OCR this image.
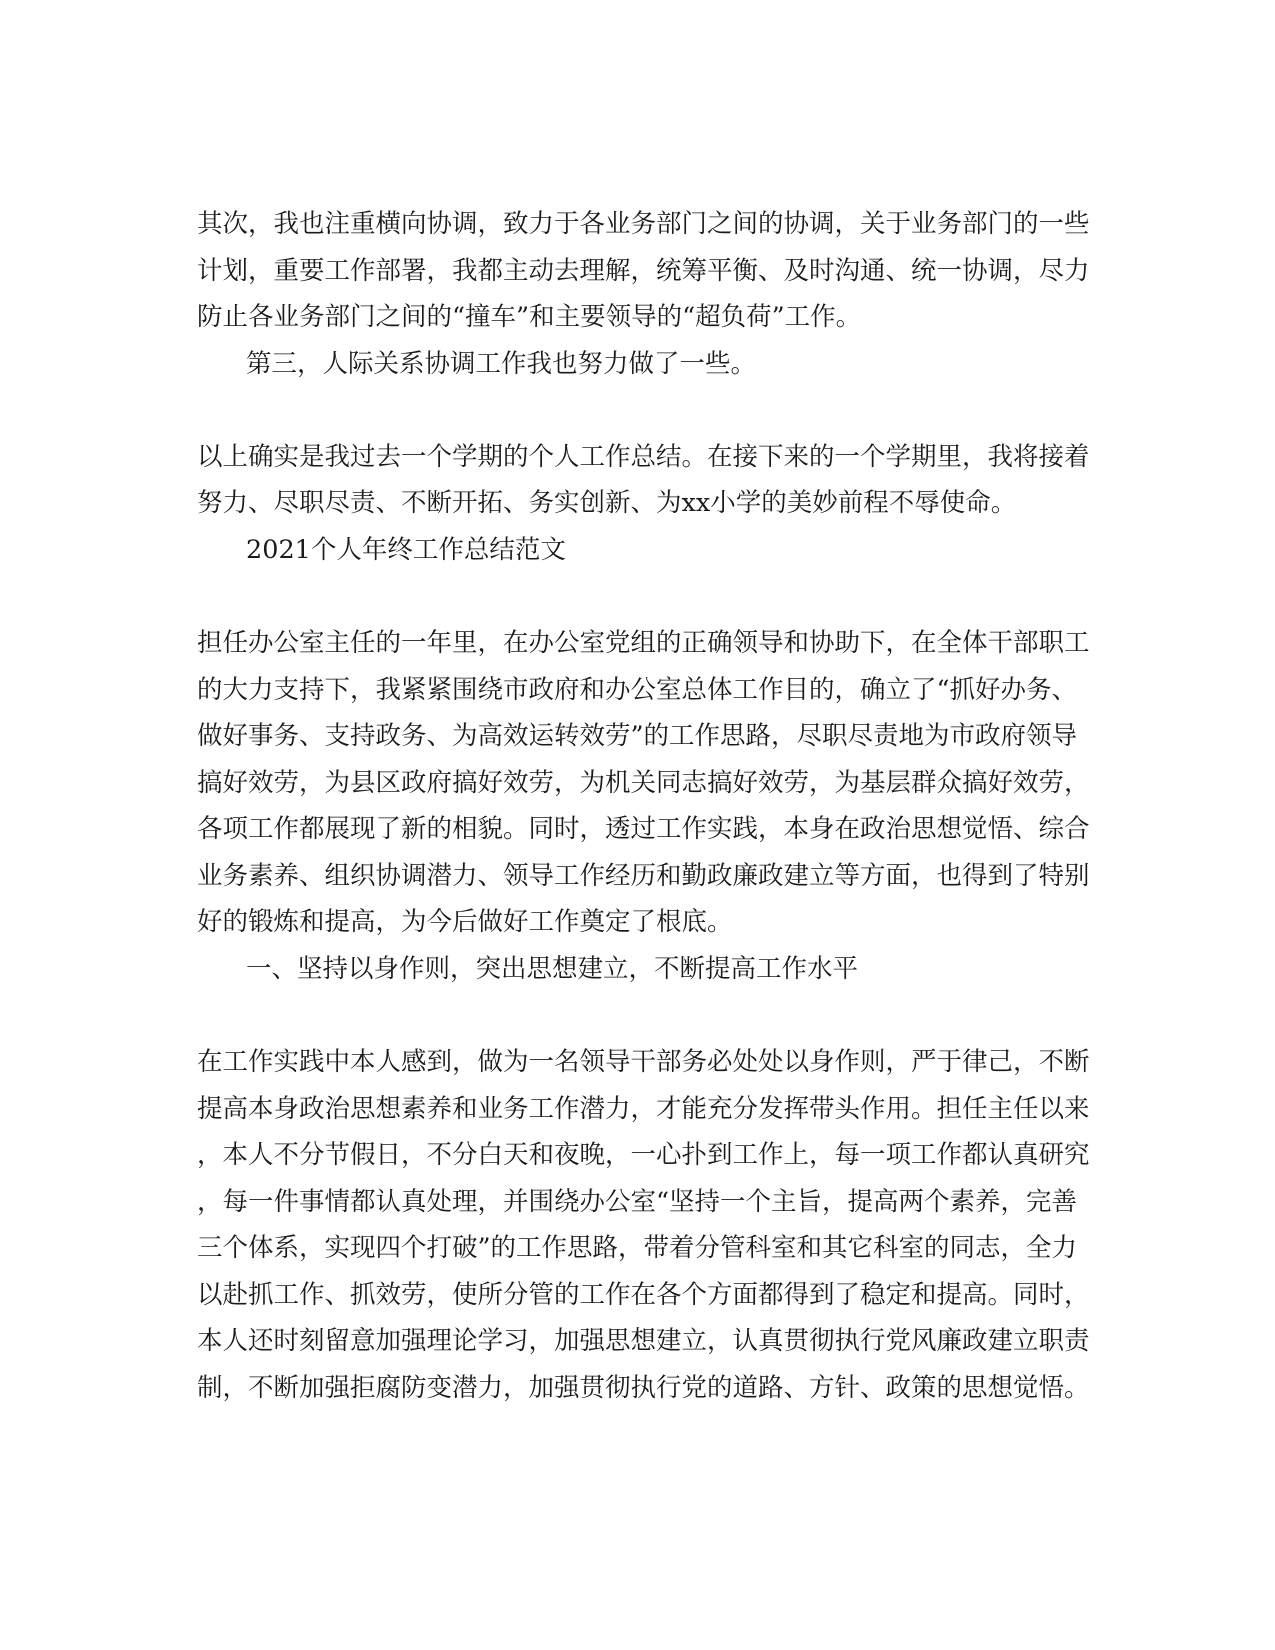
其次，我也注重横向协调，致力于各业务部门之间的协调，关于业务部门的一些
计划，重要工作部署，我都主动去理解，统筹平衡、及时沟通、统一协调，尽力
防止各业务部门之间的“撞车”和主要领导的“超负荷”工作。
第三，人际关系协调工作我也努力做了一些。
以上确实是我过去一个学期的个人工作总结。在接下来的一个学期里，我将接着
努力、尽职尽责、不断开拓、务实创新、为xx小学的美妙前程不辱使命。
2021个人年终工作总结范文
担任办公室主任的一年里，在办公室党组的正确领导和协助下，在全体干部职工
的大力支持下，我紧紧围绕市政府和办公室总体工作目的，确立了“抓好办务、
做好事务、支持政务、为高效运转效劳”的工作思路，尽职尽责地为市政府领导
搞好效劳，为县区政府搞好效劳，为机关同志搞好效劳，为基层群众搞好效劳，
各项工作都展现了新的相貌。同时，透过工作实践，本身在政治思想觉悟、综合
业务素养、组织协调潜力、领导工作经历和勤政廉政建立等方面，也得到了特别
好的锻炼和提高，为今后做好工作奠定了根底。
一、坚持以身作则，突出思想建立，不断提高工作水平
在工作实践中本人感到，做为一名领导干部务必处处以身作则，严于律己，不断
提高本身政治思想素养和业务工作潜力，才能充分发挥带头作用。担任主任以来
，本人不分节假日，不分白天和夜晚，一心扑到工作上，每一项工作都认真研究
，每一件事情都认真处理，并围绕办公室“坚持一个主旨，提高两个素养，完善
三个体系，实现四个打破”的工作思路，带着分管科室和其它科室的同志，全力
以赴抓工作、抓效劳，使所分管的工作在各个方面都得到了稳定和提高。同时，
本人还时刻留意加强理论学习，加强思想建立，认真贯彻执行党风廉政建立职责
制，不断加强拒腐防变潜力，加强贯彻执行党的道路、方针、政策的思想觉悟。
